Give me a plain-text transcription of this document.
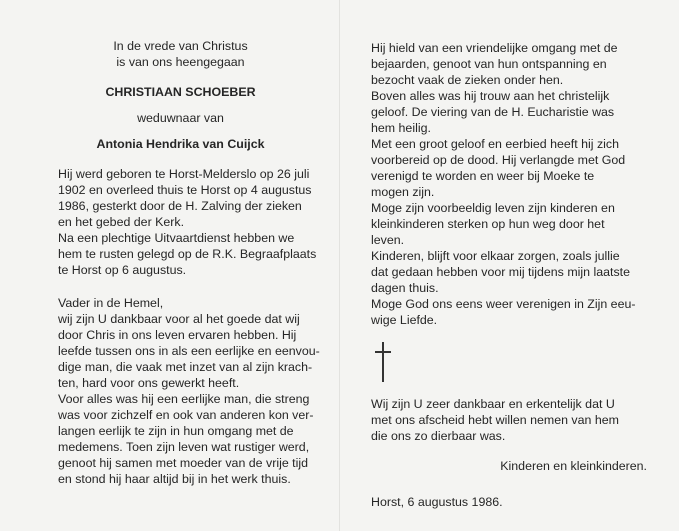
In de vrede van Christus
is van ons heengegaan
CHRISTIAAN SCHOEBER
weduwnaar van
Antonia Hendrika van Cuijck
Hij werd geboren te Horst-Melderslo op 26 juli
1902 en overleed thuis te Horst op 4 augustus
1986, gesterkt door de H. Zalving der zieken
en het gebed der Kerk.
Na een plechtige Uitvaartdienst hebben we
hem te rusten gelegd op de R.K. Begraafplaats
te Horst op 6 augustus.
Vader in de Hemel,
wij zijn U dankbaar voor al het goede dat wij
door Chris in ons leven ervaren hebben. Hij
leefde tussen ons in als een eerlijke en eenvou-
dige man, die vaak met inzet van al zijn krach-
ten, hard voor ons gewerkt heeft.
Voor alles was hij een eerlijke man, die streng
was voor zichzelf en ook van anderen kon ver-
langen eerlijk te zijn in hun omgang met de
medemens. Toen zijn leven wat rustiger werd,
genoot hij samen met moeder van de vrije tijd
en stond hij haar altijd bij in het werk thuis.
Hij hield van een vriendelijke omgang met de
bejaarden, genoot van hun ontspanning en
bezocht vaak de zieken onder hen.
Boven alles was hij trouw aan het christelijk
geloof. De viering van de H. Eucharistie was
hem heilig.
Met een groot geloof en eerbied heeft hij zich
voorbereid op de dood. Hij verlangde met God
verenigd te worden en weer bij Moeke te
mogen zijn.
Moge zijn voorbeeldig leven zijn kinderen en
kleinkinderen sterken op hun weg door het
leven.
Kinderen, blijft voor elkaar zorgen, zoals jullie
dat gedaan hebben voor mij tijdens mijn laatste
dagen thuis.
Moge God ons eens weer verenigen in Zijn eeu-
wige Liefde.
Wij zijn U zeer dankbaar en erkentelijk dat U
met ons afscheid hebt willen nemen van hem
die ons zo dierbaar was.
Kinderen en kleinkinderen.
Horst, 6 augustus 1986.
